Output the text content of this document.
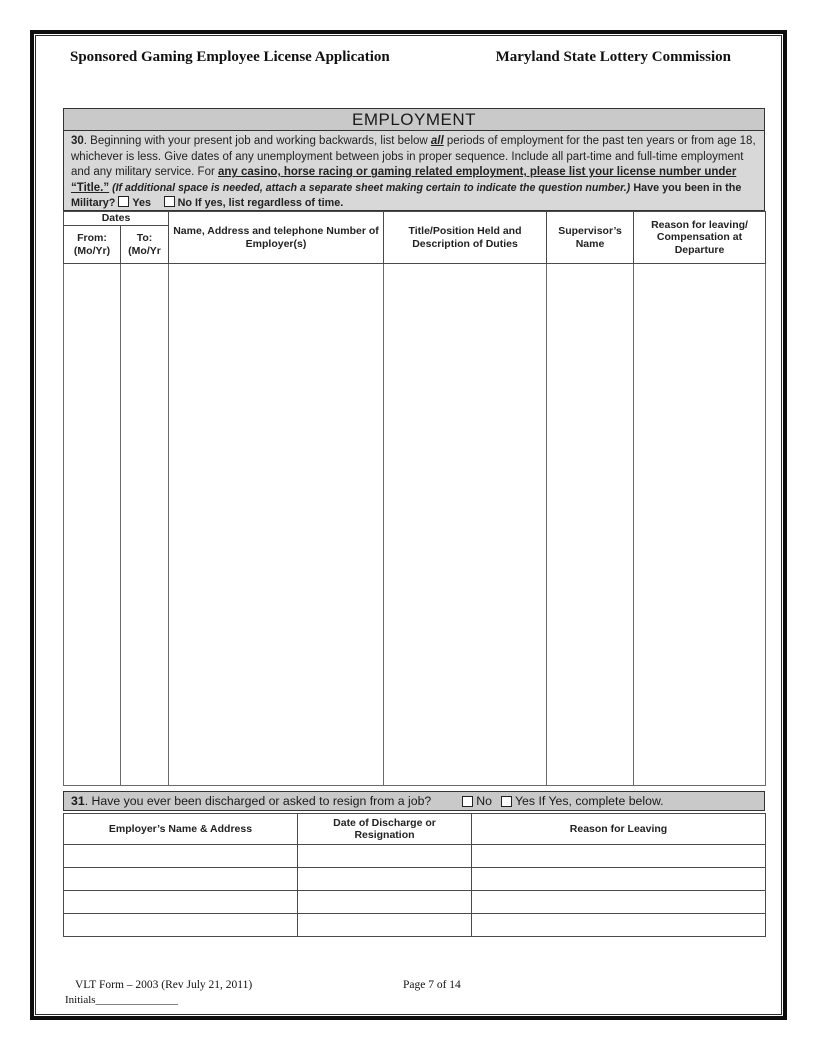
Sponsored Gaming Employee License Application	Maryland State Lottery Commission
EMPLOYMENT
30. Beginning with your present job and working backwards, list below all periods of employment for the past ten years or from age 18, whichever is less. Give dates of any unemployment between jobs in proper sequence. Include all part-time and full-time employment and any military service. For any casino, horse racing or gaming related employment, please list your license number under “Title.” (If additional space is needed, attach a separate sheet making certain to indicate the question number.) Have you been in the Military? Yes No If yes, list regardless of time.
Dates		Name, Address and telephone Number of Employer(s)	Title/Position Held and Description of Duties	Supervisor’s Name	Reason for leaving/ Compensation at Departure
From: (Mo/Yr)	To: (Mo/Yr				

31. Have you ever been discharged or asked to resign from a job?	No Yes If Yes, complete below.
Employer’s Name & Address	Date of Discharge or Resignation	Reason for Leaving

VLT Form – 2003 (Rev July 21, 2011)	Page 7 of 14
Initials_______________
